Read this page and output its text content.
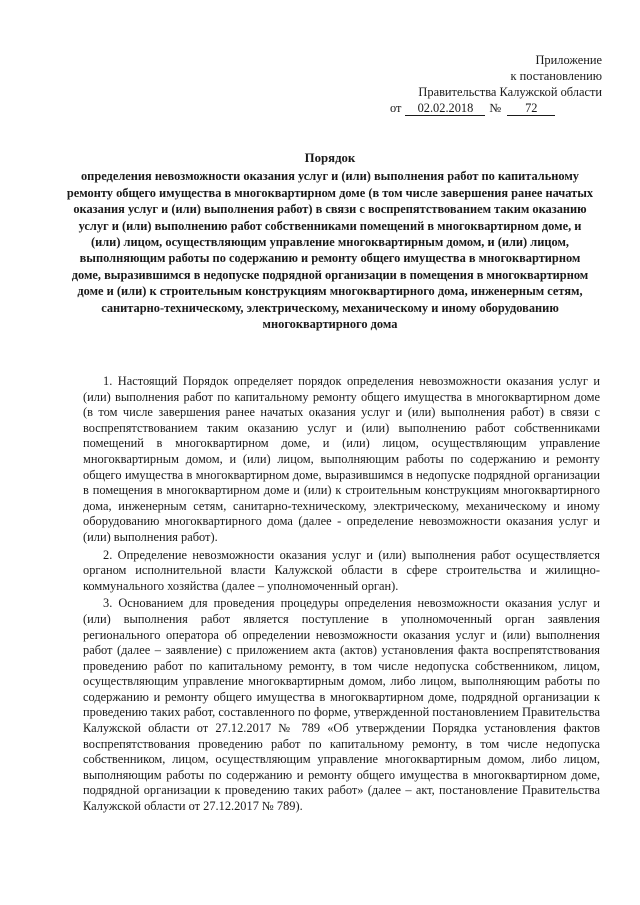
Приложение
к постановлению
Правительства Калужской области
от	02.02.2018	№	72
Порядок
определения невозможности оказания услуг и (или) выполнения работ по капитальному ремонту общего имущества в многоквартирном доме (в том числе завершения ранее начатых оказания услуг и (или) выполнения работ) в связи с воспрепятствованием таким оказанию услуг и (или) выполнению работ собственниками помещений в многоквартирном доме, и (или) лицом, осуществляющим управление многоквартирным домом, и (или) лицом, выполняющим работы по содержанию и ремонту общего имущества в многоквартирном доме, выразившимся в недопуске подрядной организации в помещения в многоквартирном доме и (или) к строительным конструкциям многоквартирного дома, инженерным сетям, санитарно-техническому, электрическому, механическому и иному оборудованию многоквартирного дома

1. Настоящий Порядок определяет порядок определения невозможности оказания услуг и (или) выполнения работ по капитальному ремонту общего имущества в многоквартирном доме (в том числе завершения ранее начатых оказания услуг и (или) выполнения работ) в связи с воспрепятствованием таким оказанию услуг и (или) выполнению работ собственниками помещений в многоквартирном доме, и (или) лицом, осуществляющим управление многоквартирным домом, и (или) лицом, выполняющим работы по содержанию и ремонту общего имущества в многоквартирном доме, выразившимся в недопуске подрядной организации в помещения в многоквартирном доме и (или) к строительным конструкциям многоквартирного дома, инженерным сетям, санитарно-техническому, электрическому, механическому и иному оборудованию многоквартирного дома (далее - определение невозможности оказания услуг и (или) выполнения работ).

2. Определение невозможности оказания услуг и (или) выполнения работ осуществляется органом исполнительной власти Калужской области в сфере строительства и жилищно-коммунального хозяйства (далее – уполномоченный орган).

3. Основанием для проведения процедуры определения невозможности оказания услуг и (или) выполнения работ является поступление в уполномоченный орган заявления регионального оператора об определении невозможности оказания услуг и (или) выполнения работ (далее – заявление) с приложением акта (актов) установления факта воспрепятствования проведению работ по капитальному ремонту, в том числе недопуска собственником, лицом, осуществляющим управление многоквартирным домом, либо лицом, выполняющим работы по содержанию и ремонту общего имущества в многоквартирном доме, подрядной организации к проведению таких работ, составленного по форме, утвержденной постановлением Правительства Калужской области от 27.12.2017 № 789 «Об утверждении Порядка установления фактов воспрепятствования проведению работ по капитальному ремонту, в том числе недопуска собственником, лицом, осуществляющим управление многоквартирным домом, либо лицом, выполняющим работы по содержанию и ремонту общего имущества в многоквартирном доме, подрядной организации к проведению таких работ» (далее – акт, постановление Правительства Калужской области от 27.12.2017 № 789).
